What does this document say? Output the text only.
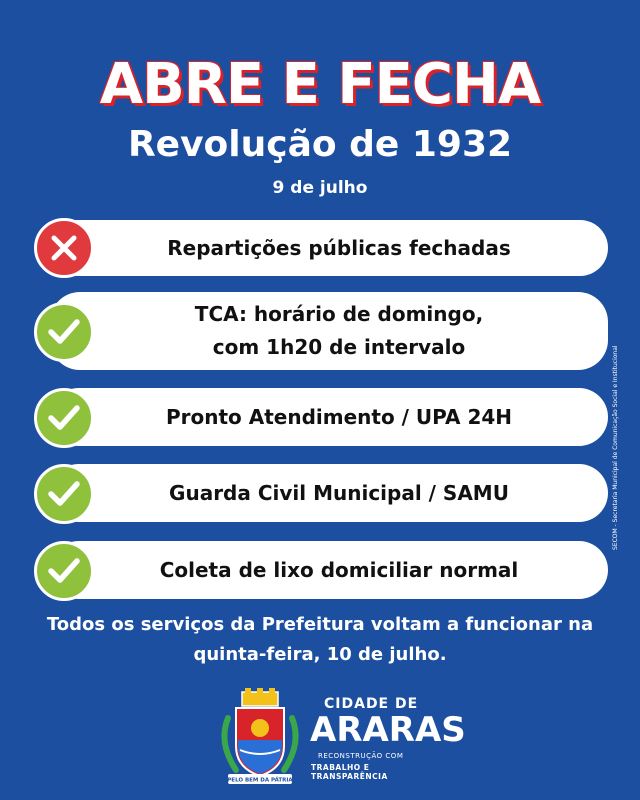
ABRE E FECHA
Revolução de 1932
9 de julho
Repartições públicas fechadas
TCA: horário de domingo,
com 1h20 de intervalo
Pronto Atendimento / UPA 24H
Guarda Civil Municipal / SAMU
Coleta de lixo domiciliar normal
Todos os serviços da Prefeitura voltam a funcionar na
quinta-feira, 10 de julho.
SECOM - Secretaria Municipal de Comunicação Social e Institucional
PELO BEM DA PÁTRIA
CIDADE DE
ARARAS
RECONSTRUÇÃO COM
TRABALHO E TRANSPARÊNCIA
